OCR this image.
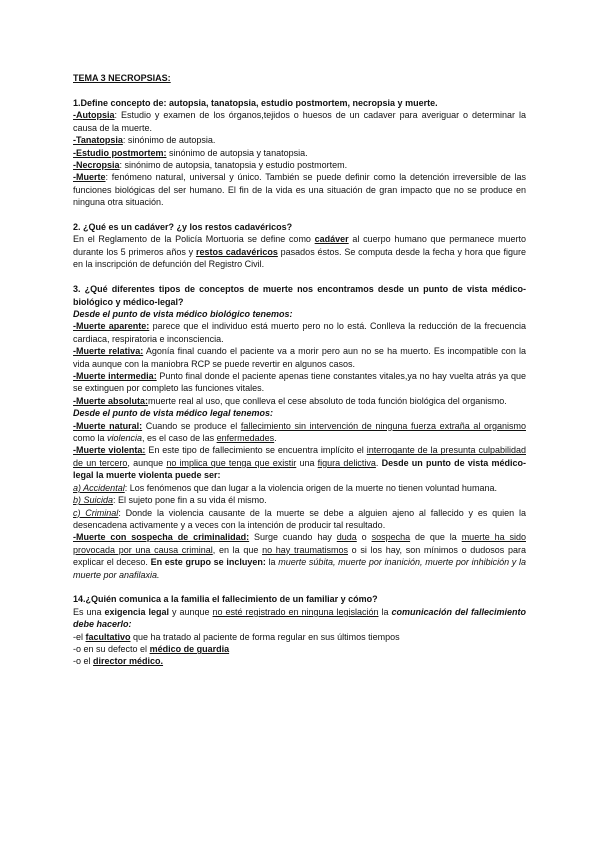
TEMA 3 NECROPSIAS:

1.Define concepto de: autopsia, tanatopsia, estudio postmortem, necropsia y muerte.

-Autopsia: Estudio y examen de los órganos,tejidos o huesos de un cadaver para averiguar o determinar la causa de la muerte.

-Tanatopsia: sinónimo de autopsia.

-Estudio postmortem: sinónimo de autopsia y tanatopsia.

-Necropsia: sinónimo de autopsia, tanatopsia y estudio postmortem.

-Muerte: fenómeno natural, universal y único. También se puede definir como la detención irreversible de las funciones biológicas del ser humano. El fin de la vida es una situación de gran impacto que no se produce en ninguna otra situación.

2. ¿Qué es un cadáver? ¿y los restos cadavéricos?

En el Reglamento de la Policía Mortuoria se define como cadáver al cuerpo humano que permanece muerto durante los 5 primeros años y restos cadavéricos pasados éstos. Se computa desde la fecha y hora que figure en la inscripción de defunción del Registro Civil.

3. ¿Qué diferentes tipos de conceptos de muerte nos encontramos desde un punto de vista médico-biológico y médico-legal?

Desde el punto de vista médico biológico tenemos:

-Muerte aparente: parece que el individuo está muerto pero no lo está. Conlleva la reducción de la frecuencia cardiaca, respiratoria e inconsciencia.

-Muerte relativa: Agonía final cuando el paciente va a morir pero aun no se ha muerto. Es incompatible con la vida aunque con la maniobra RCP se puede revertir en algunos casos.

-Muerte intermedia: Punto final donde el paciente apenas tiene constantes vitales,ya no hay vuelta atrás ya que se extinguen por completo las funciones vitales.

-Muerte absoluta:muerte real al uso, que conlleva el cese absoluto de toda función biológica del organismo.

Desde el punto de vista médico legal tenemos:

-Muerte natural: Cuando se produce el fallecimiento sin intervención de ninguna fuerza extraña al organismo como la violencia, es el caso de las enfermedades.

-Muerte violenta: En este tipo de fallecimiento se encuentra implícito el interrogante de la presunta culpabilidad de un tercero, aunque no implica que tenga que existir una figura delictiva. Desde un punto de vista médico-legal la muerte violenta puede ser:

a) Accidental: Los fenómenos que dan lugar a la violencia origen de la muerte no tienen voluntad humana.

b) Suicida: El sujeto pone fin a su vida él mismo.

c) Criminal: Donde la violencia causante de la muerte se debe a alguien ajeno al fallecido y es quien la desencadena activamente y a veces con la intención de producir tal resultado.

-Muerte con sospecha de criminalidad: Surge cuando hay duda o sospecha de que la muerte ha sido provocada por una causa criminal, en la que no hay traumatismos o si los hay, son mínimos o dudosos para explicar el deceso. En este grupo se incluyen: la muerte súbita, muerte por inanición, muerte por inhibición y la muerte por anafilaxia.

14.¿Quién comunica a la familia el fallecimiento de un familiar y cómo?

Es una exigencia legal y aunque no esté registrado en ninguna legislación la comunicación del fallecimiento debe hacerlo:

-el facultativo que ha tratado al paciente de forma regular en sus últimos tiempos

-o en su defecto el médico de guardia

-o el director médico.
